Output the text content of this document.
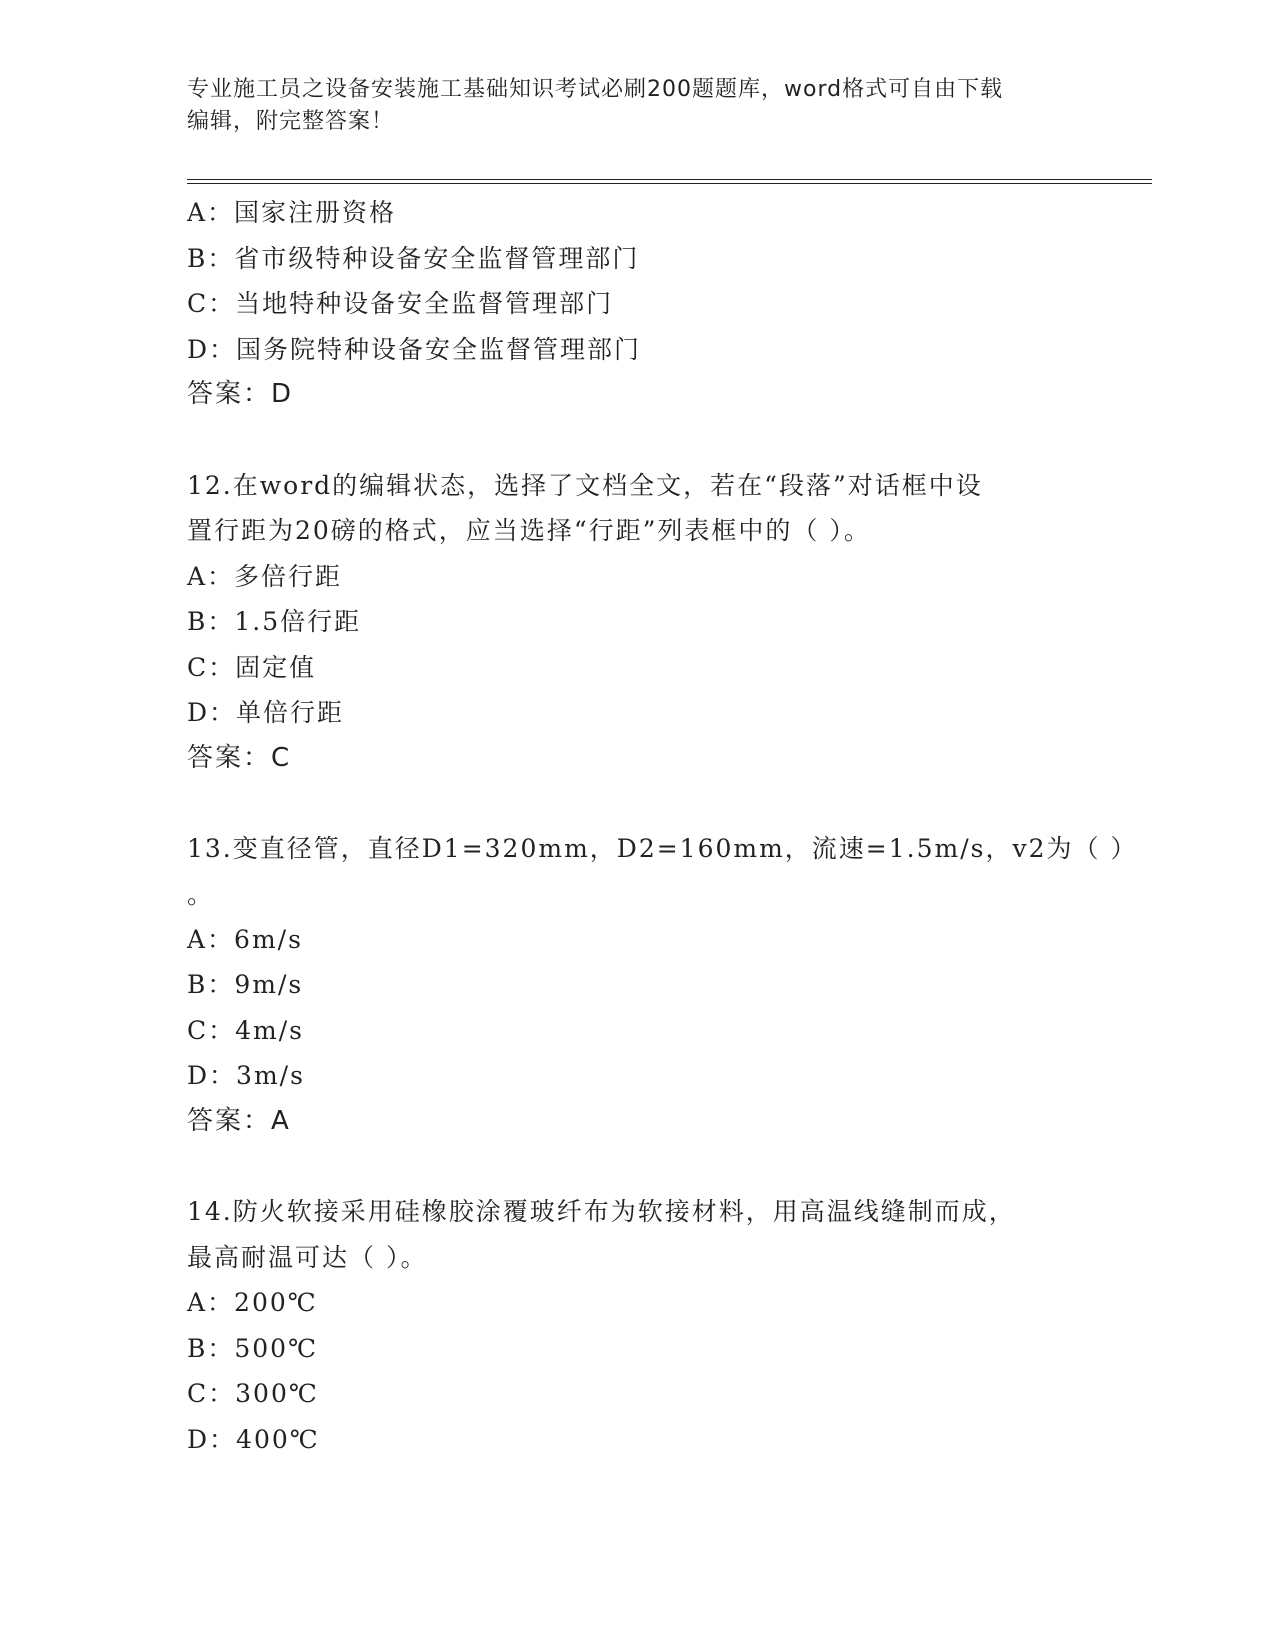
专业施工员之设备安装施工基础知识考试必刷200题题库，word格式可自由下载
编辑，附完整答案！
A：国家注册资格
B：省市级特种设备安全监督管理部门
C：当地特种设备安全监督管理部门
D：国务院特种设备安全监督管理部门
答案：D
12.在word的编辑状态，选择了文档全文，若在“段落”对话框中设
置行距为20磅的格式，应当选择“行距”列表框中的（ ）。
A：多倍行距
B：1.5倍行距
C：固定值
D：单倍行距
答案：C
13.变直径管，直径D1=320mm，D2=160mm，流速=1.5m/s，v2为（ ）
。
A：6m/s
B：9m/s
C：4m/s
D：3m/s
答案：A
14.防火软接采用硅橡胶涂覆玻纤布为软接材料，用高温线缝制而成，
最高耐温可达（ ）。
A：200℃
B：500℃
C：300℃
D：400℃
